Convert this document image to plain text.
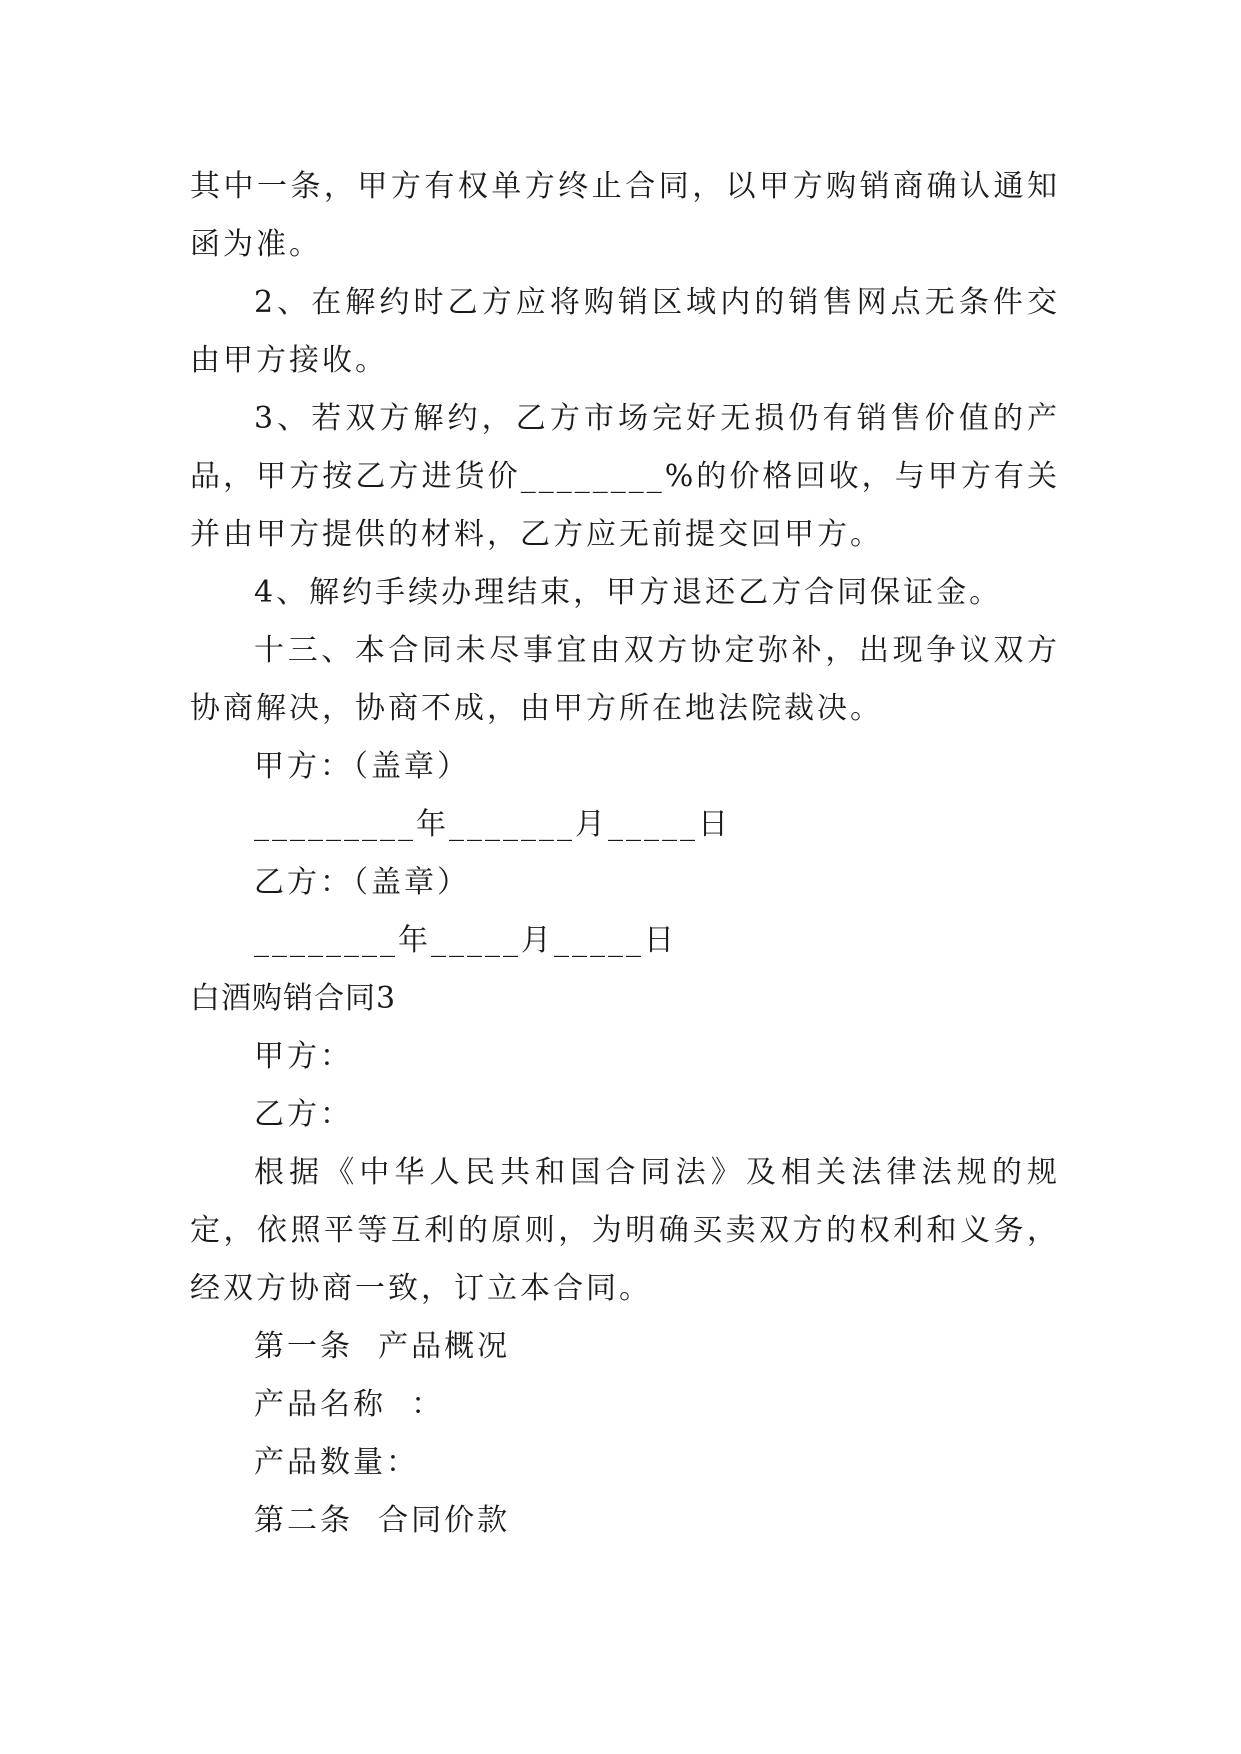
其中一条，甲方有权单方终止合同，以甲方购销商确认通知函为准。

2、在解约时乙方应将购销区域内的销售网点无条件交由甲方接收。

3、若双方解约，乙方市场完好无损仍有销售价值的产品，甲方按乙方进货价________%的价格回收，与甲方有关并由甲方提供的材料，乙方应无前提交回甲方。

4、解约手续办理结束，甲方退还乙方合同保证金。

十三、本合同未尽事宜由双方协定弥补，出现争议双方协商解决，协商不成，由甲方所在地法院裁决。

甲方：（盖章）

_________年_______月_____日

乙方：（盖章）

________年_____月_____日

白酒购销合同3

甲方：

乙方：

根据《中华人民共和国合同法》及相关法律法规的规定，依照平等互利的原则，为明确买卖双方的权利和义务，经双方协商一致，订立本合同。

第一条  产品概况

产品名称  ：

产品数量：

第二条  合同价款
